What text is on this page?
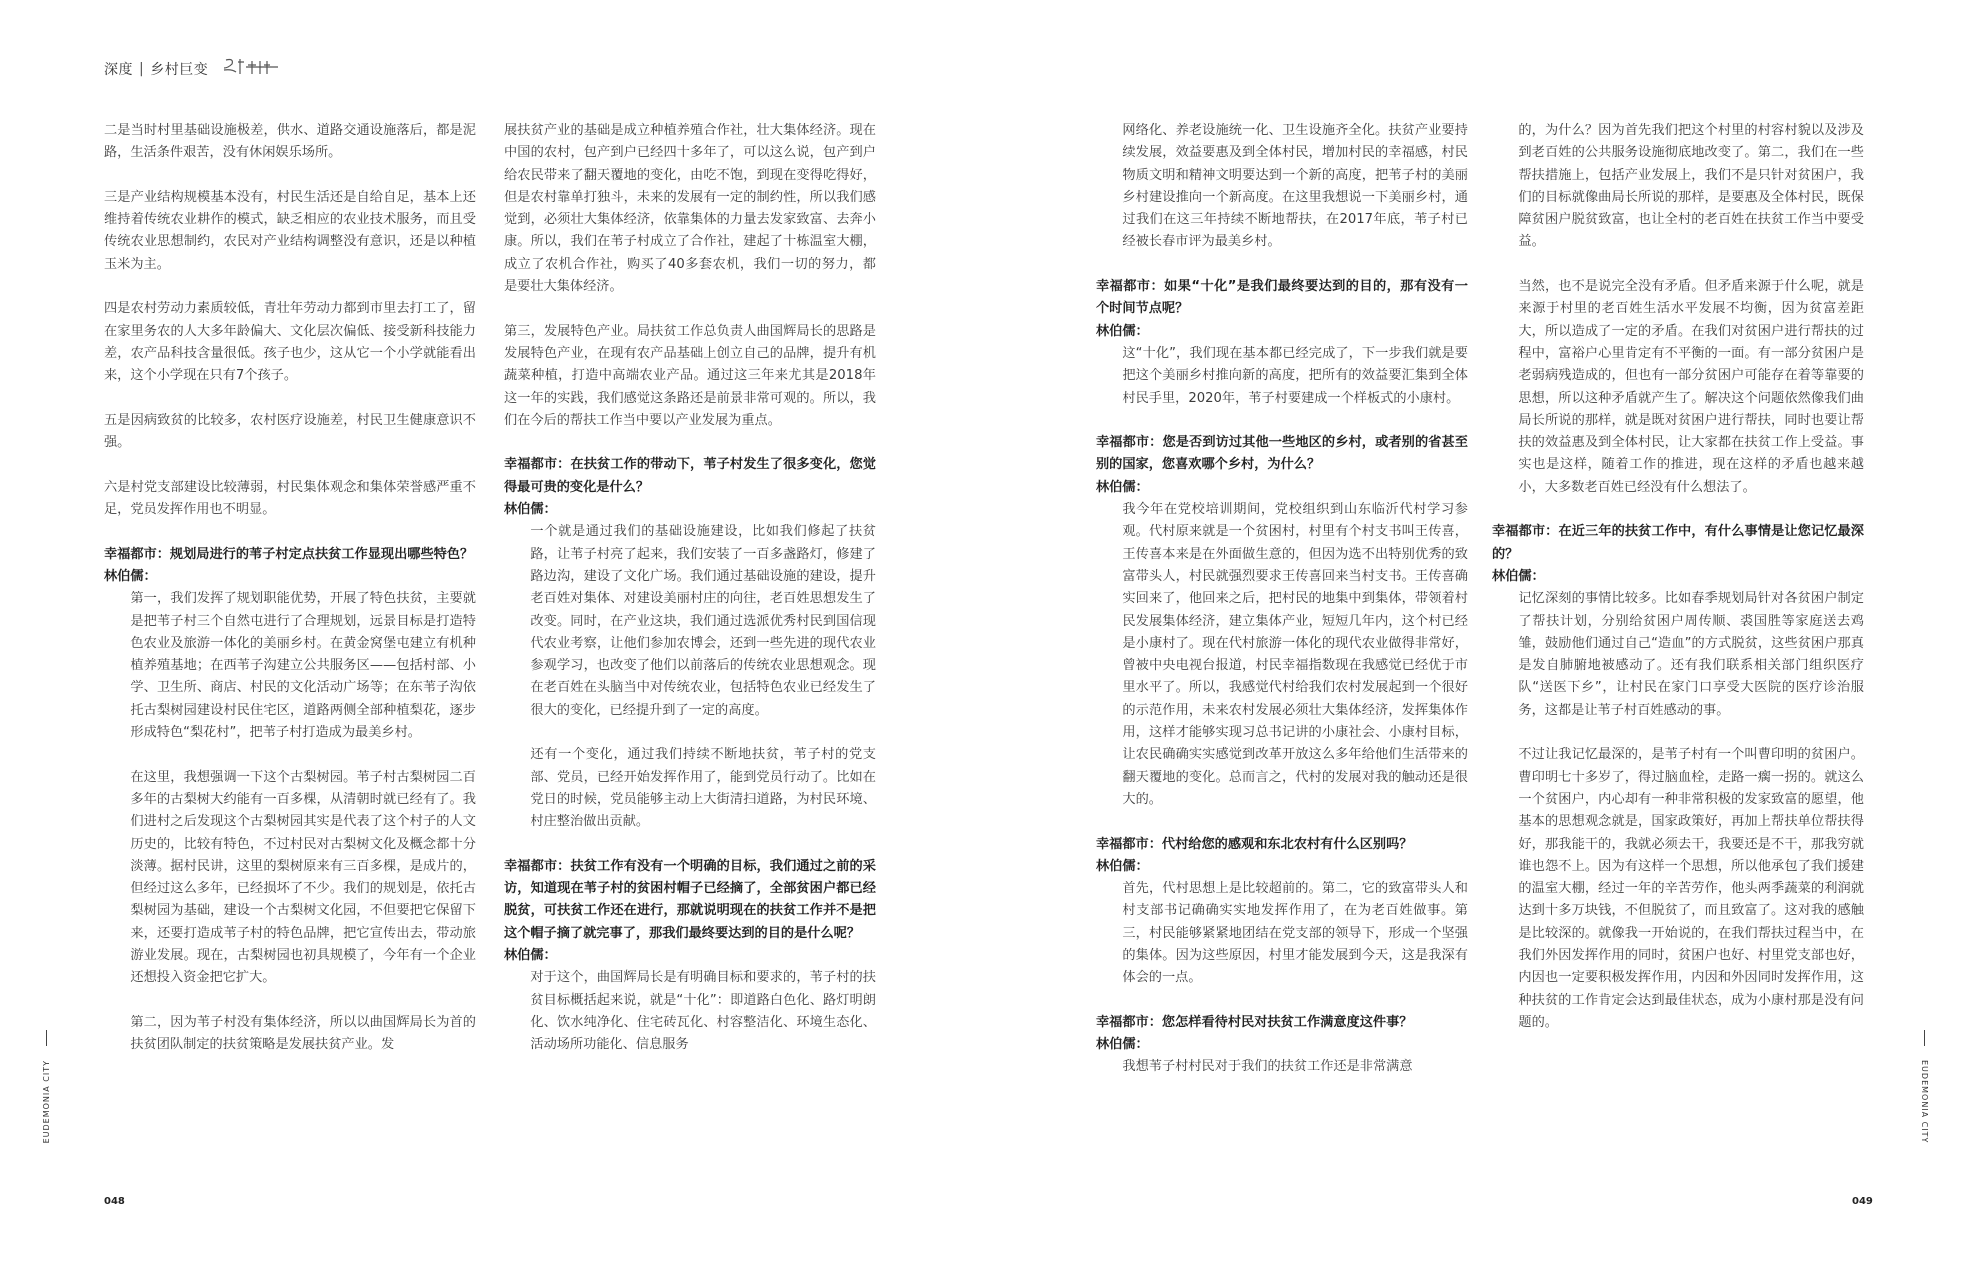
深度 | 乡村巨变

二是当时村里基础设施极差，供水、道路交通设施落后，都是泥路，生活条件艰苦，没有休闲娱乐场所。

三是产业结构规模基本没有，村民生活还是自给自足，基本上还维持着传统农业耕作的模式，缺乏相应的农业技术服务，而且受传统农业思想制约，农民对产业结构调整没有意识，还是以种植玉米为主。

四是农村劳动力素质较低，青壮年劳动力都到市里去打工了，留在家里务农的人大多年龄偏大、文化层次偏低、接受新科技能力差，农产品科技含量很低。孩子也少，这从它一个小学就能看出来，这个小学现在只有7个孩子。

五是因病致贫的比较多，农村医疗设施差，村民卫生健康意识不强。

六是村党支部建设比较薄弱，村民集体观念和集体荣誉感严重不足，党员发挥作用也不明显。

幸福都市：规划局进行的苇子村定点扶贫工作显现出哪些特色？

林伯儒：

第一，我们发挥了规划职能优势，开展了特色扶贫，主要就是把苇子村三个自然屯进行了合理规划，远景目标是打造特色农业及旅游一体化的美丽乡村。在黄金窝堡屯建立有机种植养殖基地；在西苇子沟建立公共服务区——包括村部、小学、卫生所、商店、村民的文化活动广场等；在东苇子沟依托古梨树园建设村民住宅区，道路两侧全部种植梨花，逐步形成特色“梨花村”，把苇子村打造成为最美乡村。

在这里，我想强调一下这个古梨树园。苇子村古梨树园二百多年的古梨树大约能有一百多棵，从清朝时就已经有了。我们进村之后发现这个古梨树园其实是代表了这个村子的人文历史的，比较有特色，不过村民对古梨树文化及概念都十分淡薄。据村民讲，这里的梨树原来有三百多棵，是成片的，但经过这么多年，已经损坏了不少。我们的规划是，依托古梨树园为基础，建设一个古梨树文化园，不但要把它保留下来，还要打造成苇子村的特色品牌，把它宣传出去，带动旅游业发展。现在，古梨树园也初具规模了，今年有一个企业还想投入资金把它扩大。

第二，因为苇子村没有集体经济，所以以曲国辉局长为首的扶贫团队制定的扶贫策略是发展扶贫产业。发

展扶贫产业的基础是成立种植养殖合作社，壮大集体经济。现在中国的农村，包产到户已经四十多年了，可以这么说，包产到户给农民带来了翻天覆地的变化，由吃不饱，到现在变得吃得好，但是农村靠单打独斗，未来的发展有一定的制约性，所以我们感觉到，必须壮大集体经济，依靠集体的力量去发家致富、去奔小康。所以，我们在苇子村成立了合作社，建起了十栋温室大棚，成立了农机合作社，购买了40多套农机，我们一切的努力，都是要壮大集体经济。

第三，发展特色产业。局扶贫工作总负责人曲国辉局长的思路是发展特色产业，在现有农产品基础上创立自己的品牌，提升有机蔬菜种植，打造中高端农业产品。通过这三年来尤其是2018年这一年的实践，我们感觉这条路还是前景非常可观的。所以，我们在今后的帮扶工作当中要以产业发展为重点。

幸福都市：在扶贫工作的带动下，苇子村发生了很多变化，您觉得最可贵的变化是什么？

林伯儒：

一个就是通过我们的基础设施建设，比如我们修起了扶贫路，让苇子村亮了起来，我们安装了一百多盏路灯，修建了路边沟，建设了文化广场。我们通过基础设施的建设，提升老百姓对集体、对建设美丽村庄的向往，老百姓思想发生了改变。同时，在产业这块，我们通过选派优秀村民到国信现代农业考察，让他们参加农博会，还到一些先进的现代农业参观学习，也改变了他们以前落后的传统农业思想观念。现在老百姓在头脑当中对传统农业，包括特色农业已经发生了很大的变化，已经提升到了一定的高度。

还有一个变化，通过我们持续不断地扶贫，苇子村的党支部、党员，已经开始发挥作用了，能到党员行动了。比如在党日的时候，党员能够主动上大街清扫道路，为村民环境、村庄整治做出贡献。

幸福都市：扶贫工作有没有一个明确的目标，我们通过之前的采访，知道现在苇子村的贫困村帽子已经摘了，全部贫困户都已经脱贫，可扶贫工作还在进行，那就说明现在的扶贫工作并不是把这个帽子摘了就完事了，那我们最终要达到的目的是什么呢？

林伯儒：

对于这个，曲国辉局长是有明确目标和要求的，苇子村的扶贫目标概括起来说，就是“十化”：即道路白色化、路灯明朗化、饮水纯净化、住宅砖瓦化、村容整洁化、环境生态化、活动场所功能化、信息服务

EUDEMONIA CITY
048

网络化、养老设施统一化、卫生设施齐全化。扶贫产业要持续发展，效益要惠及到全体村民，增加村民的幸福感，村民物质文明和精神文明要达到一个新的高度，把苇子村的美丽乡村建设推向一个新高度。在这里我想说一下美丽乡村，通过我们在这三年持续不断地帮扶，在2017年底，苇子村已经被长春市评为最美乡村。

幸福都市：如果“十化”是我们最终要达到的目的，那有没有一个时间节点呢？

林伯儒：

这“十化”，我们现在基本都已经完成了，下一步我们就是要把这个美丽乡村推向新的高度，把所有的效益要汇集到全体村民手里，2020年，苇子村要建成一个样板式的小康村。

幸福都市：您是否到访过其他一些地区的乡村，或者别的省甚至别的国家，您喜欢哪个乡村，为什么？

林伯儒：

我今年在党校培训期间，党校组织到山东临沂代村学习参观。代村原来就是一个贫困村，村里有个村支书叫王传喜，王传喜本来是在外面做生意的，但因为选不出特别优秀的致富带头人，村民就强烈要求王传喜回来当村支书。王传喜确实回来了，他回来之后，把村民的地集中到集体，带领着村民发展集体经济，建立集体产业，短短几年内，这个村已经是小康村了。现在代村旅游一体化的现代农业做得非常好，曾被中央电视台报道，村民幸福指数现在我感觉已经优于市里水平了。所以，我感觉代村给我们农村发展起到一个很好的示范作用，未来农村发展必须壮大集体经济，发挥集体作用，这样才能够实现习总书记讲的小康社会、小康村目标，让农民确确实实感觉到改革开放这么多年给他们生活带来的翻天覆地的变化。总而言之，代村的发展对我的触动还是很大的。

幸福都市：代村给您的感观和东北农村有什么区别吗？

林伯儒：

首先，代村思想上是比较超前的。第二，它的致富带头人和村支部书记确确实实地发挥作用了，在为老百姓做事。第三，村民能够紧紧地团结在党支部的领导下，形成一个坚强的集体。因为这些原因，村里才能发展到今天，这是我深有体会的一点。

幸福都市：您怎样看待村民对扶贫工作满意度这件事？

林伯儒：

我想苇子村村民对于我们的扶贫工作还是非常满意

的，为什么？因为首先我们把这个村里的村容村貌以及涉及到老百姓的公共服务设施彻底地改变了。第二，我们在一些帮扶措施上，包括产业发展上，我们不是只针对贫困户，我们的目标就像曲局长所说的那样，是要惠及全体村民，既保障贫困户脱贫致富，也让全村的老百姓在扶贫工作当中要受益。

当然，也不是说完全没有矛盾。但矛盾来源于什么呢，就是来源于村里的老百姓生活水平发展不均衡，因为贫富差距大，所以造成了一定的矛盾。在我们对贫困户进行帮扶的过程中，富裕户心里肯定有不平衡的一面。有一部分贫困户是老弱病残造成的，但也有一部分贫困户可能存在着等靠要的思想，所以这种矛盾就产生了。解决这个问题依然像我们曲局长所说的那样，就是既对贫困户进行帮扶，同时也要让帮扶的效益惠及到全体村民，让大家都在扶贫工作上受益。事实也是这样，随着工作的推进，现在这样的矛盾也越来越小，大多数老百姓已经没有什么想法了。

幸福都市：在近三年的扶贫工作中，有什么事情是让您记忆最深的？

林伯儒：

记忆深刻的事情比较多。比如春季规划局针对各贫困户制定了帮扶计划，分别给贫困户周传顺、裘国胜等家庭送去鸡雏，鼓励他们通过自己“造血”的方式脱贫，这些贫困户那真是发自肺腑地被感动了。还有我们联系相关部门组织医疗队“送医下乡”，让村民在家门口享受大医院的医疗诊治服务，这都是让苇子村百姓感动的事。

不过让我记忆最深的，是苇子村有一个叫曹印明的贫困户。曹印明七十多岁了，得过脑血栓，走路一瘸一拐的。就这么一个贫困户，内心却有一种非常积极的发家致富的愿望，他基本的思想观念就是，国家政策好，再加上帮扶单位帮扶得好，那我能干的，我就必须去干，我要还是不干，那我穷就谁也怨不上。因为有这样一个思想，所以他承包了我们援建的温室大棚，经过一年的辛苦劳作，他头两季蔬菜的利润就达到十多万块钱，不但脱贫了，而且致富了。这对我的感触是比较深的。就像我一开始说的，在我们帮扶过程当中，在我们外因发挥作用的同时，贫困户也好、村里党支部也好，内因也一定要积极发挥作用，内因和外因同时发挥作用，这种扶贫的工作肯定会达到最佳状态，成为小康村那是没有问题的。

EUDEMONIA CITY
049
